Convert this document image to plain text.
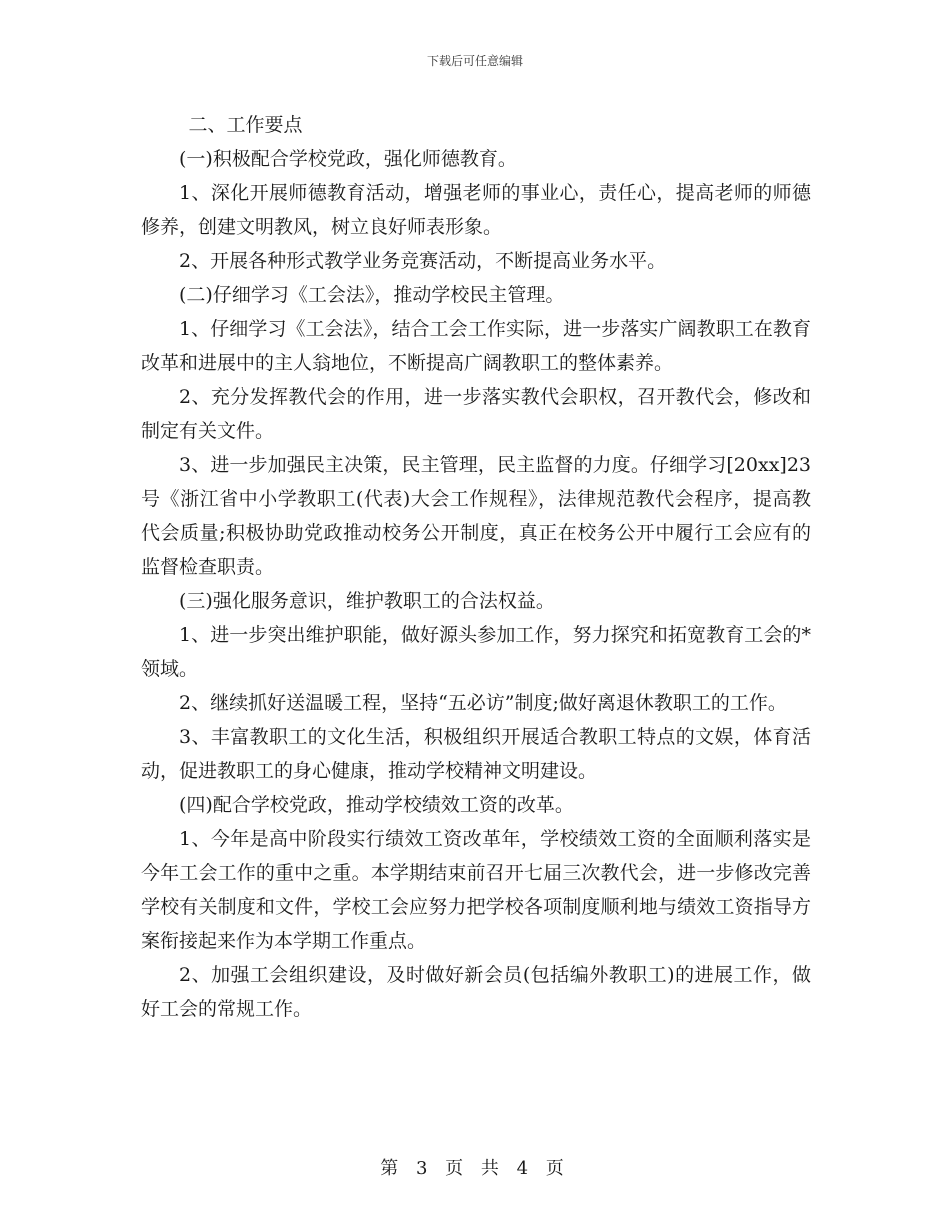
下载后可任意编辑

二、工作要点

(一)积极配合学校党政，强化师德教育。

1、深化开展师德教育活动，增强老师的事业心，责任心，提高老师的师德修养，创建文明教风，树立良好师表形象。

2、开展各种形式教学业务竞赛活动，不断提高业务水平。

(二)仔细学习《工会法》，推动学校民主管理。

1、仔细学习《工会法》，结合工会工作实际，进一步落实广阔教职工在教育改革和进展中的主人翁地位，不断提高广阔教职工的整体素养。

2、充分发挥教代会的作用，进一步落实教代会职权，召开教代会，修改和制定有关文件。

3、进一步加强民主决策，民主管理，民主监督的力度。仔细学习[20xx]23号《浙江省中小学教职工(代表)大会工作规程》，法律规范教代会程序，提高教代会质量;积极协助党政推动校务公开制度，真正在校务公开中履行工会应有的监督检查职责。

(三)强化服务意识，维护教职工的合法权益。

1、进一步突出维护职能，做好源头参加工作，努力探究和拓宽教育工会的*领域。

2、继续抓好送温暖工程，坚持“五必访”制度;做好离退休教职工的工作。

3、丰富教职工的文化生活，积极组织开展适合教职工特点的文娱，体育活动，促进教职工的身心健康，推动学校精神文明建设。

(四)配合学校党政，推动学校绩效工资的改革。

1、今年是高中阶段实行绩效工资改革年，学校绩效工资的全面顺利落实是今年工会工作的重中之重。本学期结束前召开七届三次教代会，进一步修改完善学校有关制度和文件，学校工会应努力把学校各项制度顺利地与绩效工资指导方案衔接起来作为本学期工作重点。

2、加强工会组织建设，及时做好新会员(包括编外教职工)的进展工作，做好工会的常规工作。

第 3 页 共 4 页
